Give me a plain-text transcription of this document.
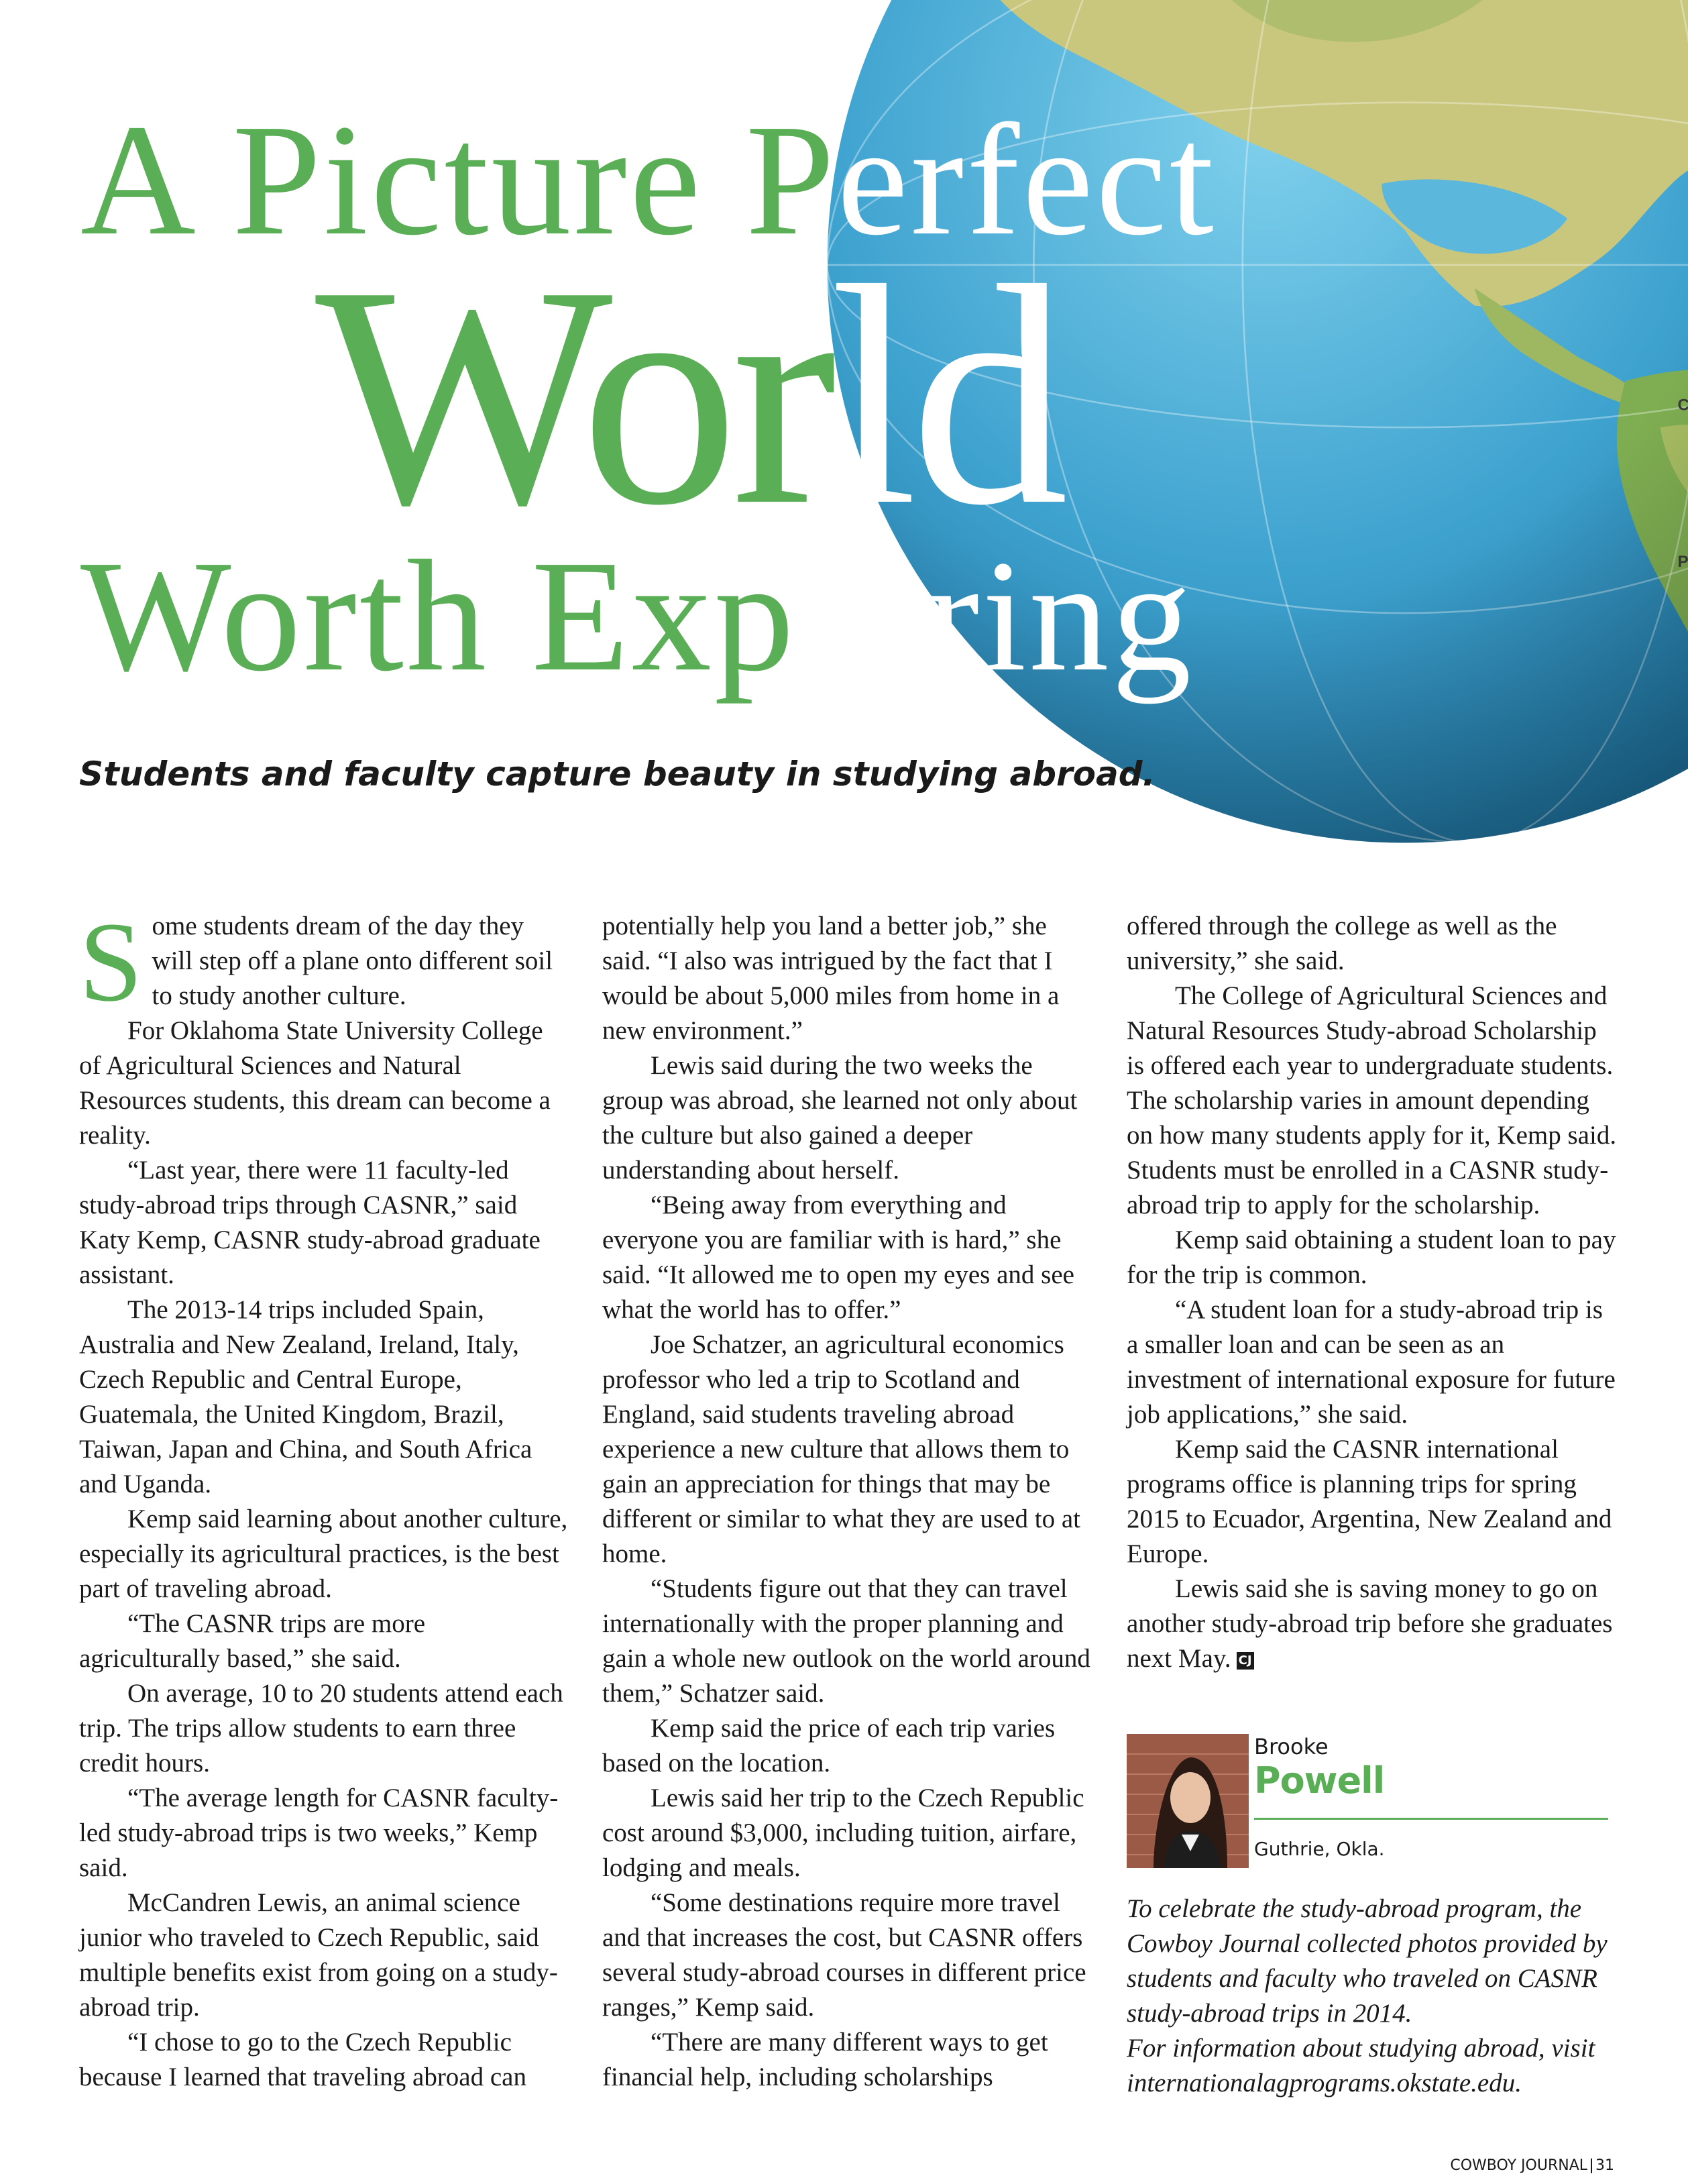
A Picture Perfect
World
Worth Exploring
Students and faculty capture beauty in studying abroad.

Some students dream of the day they will step off a plane onto different soil to study another culture.

For Oklahoma State University College of Agricultural Sciences and Natural Resources students, this dream can become a reality.

“Last year, there were 11 faculty-led study-abroad trips through CASNR,” said Katy Kemp, CASNR study-abroad graduate assistant.

The 2013-14 trips included Spain, Australia and New Zealand, Ireland, Italy, Czech Republic and Central Europe, Guatemala, the United Kingdom, Brazil, Taiwan, Japan and China, and South Africa and Uganda.

Kemp said learning about another culture, especially its agricultural practices, is the best part of traveling abroad.

“The CASNR trips are more agriculturally based,” she said.

On average, 10 to 20 students attend each trip. The trips allow students to earn three credit hours.

“The average length for CASNR faculty-led study-abroad trips is two weeks,” Kemp said.

McCandren Lewis, an animal science junior who traveled to Czech Republic, said multiple benefits exist from going on a study-abroad trip.

“I chose to go to the Czech Republic because I learned that traveling abroad can

potentially help you land a better job,” she said. “I also was intrigued by the fact that I would be about 5,000 miles from home in a new environment.”

Lewis said during the two weeks the group was abroad, she learned not only about the culture but also gained a deeper understanding about herself.

“Being away from everything and everyone you are familiar with is hard,” she said. “It allowed me to open my eyes and see what the world has to offer.”

Joe Schatzer, an agricultural economics professor who led a trip to Scotland and England, said students traveling abroad experience a new culture that allows them to gain an appreciation for things that may be different or similar to what they are used to at home.

“Students figure out that they can travel internationally with the proper planning and gain a whole new outlook on the world around them,” Schatzer said.

Kemp said the price of each trip varies based on the location.

Lewis said her trip to the Czech Republic cost around $3,000, including tuition, airfare, lodging and meals.

“Some destinations require more travel and that increases the cost, but CASNR offers several study-abroad courses in different price ranges,” Kemp said.

“There are many different ways to get financial help, including scholarships

offered through the college as well as the university,” she said.

The College of Agricultural Sciences and Natural Resources Study-abroad Scholarship is offered each year to undergraduate students. The scholarship varies in amount depending on how many students apply for it, Kemp said. Students must be enrolled in a CASNR study-abroad trip to apply for the scholarship.

Kemp said obtaining a student loan to pay for the trip is common.

“A student loan for a study-abroad trip is a smaller loan and can be seen as an investment of international exposure for future job applications,” she said.

Kemp said the CASNR international programs office is planning trips for spring 2015 to Ecuador, Argentina, New Zealand and Europe.

Lewis said she is saving money to go on another study-abroad trip before she graduates next May. CJ

Brooke
Powell
Guthrie, Okla.

To celebrate the study-abroad program, the Cowboy Journal collected photos provided by students and faculty who traveled on CASNR study-abroad trips in 2014.

For information about studying abroad, visit internationalagprograms.okstate.edu.

COWBOY JOURNAL 31
